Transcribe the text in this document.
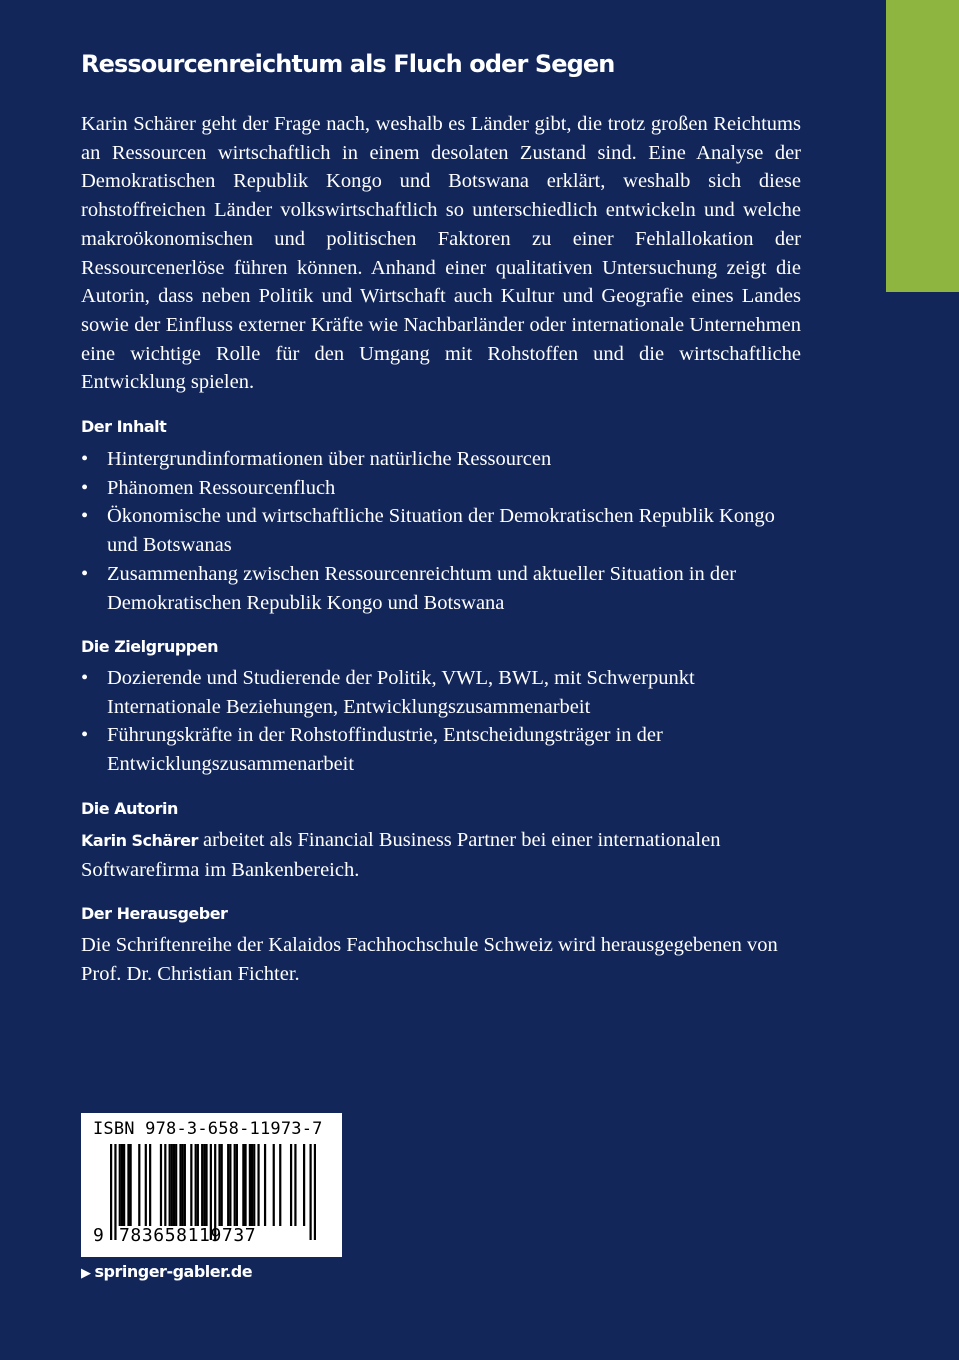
Ressourcenreichtum als Fluch oder Segen

Karin Schärer geht der Frage nach, weshalb es Länder gibt, die trotz großen Reichtums an Ressourcen wirtschaftlich in einem desolaten Zustand sind. Eine Analyse der Demokratischen Republik Kongo und Botswana erklärt, weshalb sich diese rohstoffreichen Länder volkswirtschaftlich so unterschiedlich entwickeln und welche makroökonomischen und politischen Faktoren zu einer Fehlallokation der Ressourcenerlöse führen können. Anhand einer qualitativen Untersuchung zeigt die Autorin, dass neben Politik und Wirtschaft auch Kultur und Geografie eines Landes sowie der Einfluss externer Kräfte wie Nachbarländer oder internationale Unternehmen eine wichtige Rolle für den Umgang mit Rohstoffen und die wirtschaftliche Entwicklung spielen.

Der Inhalt
• Hintergrundinformationen über natürliche Ressourcen
• Phänomen Ressourcenfluch
• Ökonomische und wirtschaftliche Situation der Demokratischen Republik Kongo und Botswanas
• Zusammenhang zwischen Ressourcenreichtum und aktueller Situation in der Demokratischen Republik Kongo und Botswana
Die Zielgruppen
• Dozierende und Studierende der Politik, VWL, BWL, mit Schwerpunkt Internationale Beziehungen, Entwicklungszusammenarbeit
• Führungskräfte in der Rohstoffindustrie, Entscheidungsträger in der Entwicklungszusammenarbeit
Die Autorin

Karin Schärer arbeitet als Financial Business Partner bei einer internationalen Softwarefirma im Bankenbereich.

Der Herausgeber

Die Schriftenreihe der Kalaidos Fachhochschule Schweiz wird herausgegebenen von Prof. Dr. Christian Fichter.

ISBN 978-3-658-11973-7
9 783658119737
▶ springer-gabler.de
